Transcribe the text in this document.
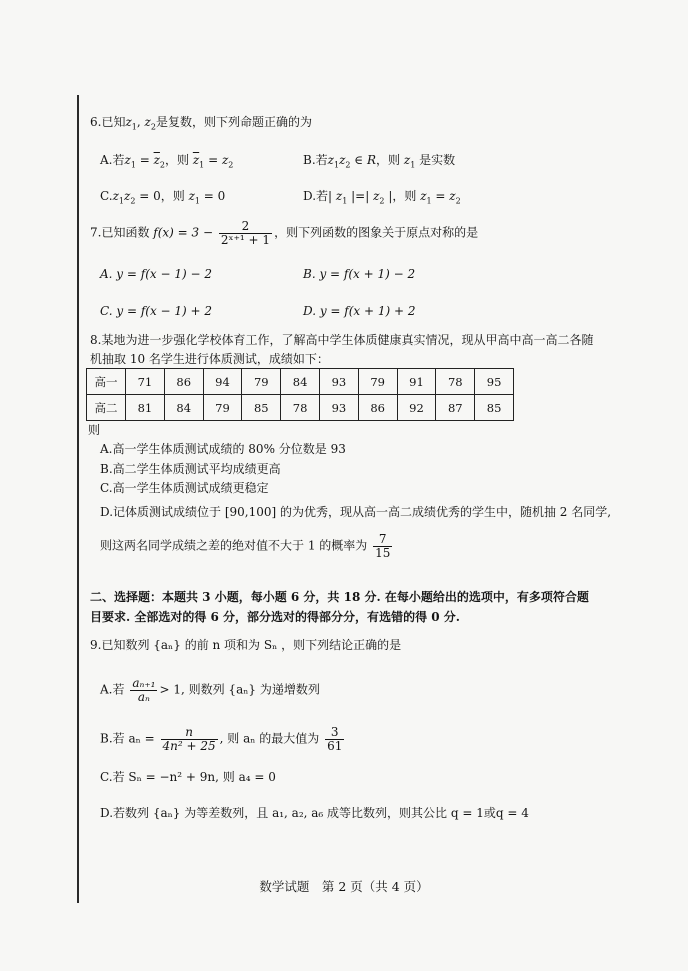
6.已知$z_1$, $z_2$是复数，则下列命题正确的为
A.若$z_1 = \overline{z}_2$，则 $\overline{z}_1 = z_2$	B.若$z_1z_2$ ∈ R，则 $z_1$ 是实数
$C.z_1z_2 = 0$，则 $z_1 = 0$	D.若| $z_1$ |=| $z_2$ |，则 $z_1 = z_2$
7.已知函数 $f(x) = 3 - \frac{2}{\text{2ˣ⁺¹ + 1}}$ ，则下列函数的图象关于原点对称的是
A. y = f(x − 1) − 2	B. y = f(x + 1) − 2
C. y = f(x − 1) + 2	D. y = f(x + 1) + 2
8.某地为进一步强化学校体育工作，了解高中学生体质健康真实情况，现从甲高中高一高二各随
机抽取 10 名学生进行体质测试，成绩如下：
高一	71	86	94	79	84	93	79	91	78	95
高二	81	84	79	85	78	93	86	92	87	85
则
A.高一学生体质测试成绩的 80% 分位数是 93
B.高二学生体质测试平均成绩更高
C.高一学生体质测试成绩更稳定
D.记体质测试成绩位于 [90,100] 的为优秀，现从高一高二成绩优秀的学生中，随机抽 2 名同学,
则这两名同学成绩之差的绝对值不大于 1 的概率为 $\frac{7}{15}$
二、选择题：本题共 3 小题，每小题 6 分，共 18 分. 在每小题给出的选项中，有多项符合题
目要求. 全部选对的得 6 分，部分选对的得部分分，有选错的得 0 分.
9.已知数列 {aₙ} 的前 n 项和为 Sₙ ，则下列结论正确的是
A.若 $\frac{\text{aₙ₊₁}}{\text{aₙ}} > 1$, 则数列 {aₙ} 为递增数列
B.若 $a_n = \frac{n}{\text{4n² + 25}}$ , 则 aₙ 的最大值为 $\frac{3}{61}$
C.若 Sₙ = −n² + 9n, 则 a₄ = 0
D.若数列 {aₙ} 为等差数列，且 a₁, a₂, a₆ 成等比数列，则其公比 q = 1或q = 4
数学试题　第 2 页（共 4 页）
